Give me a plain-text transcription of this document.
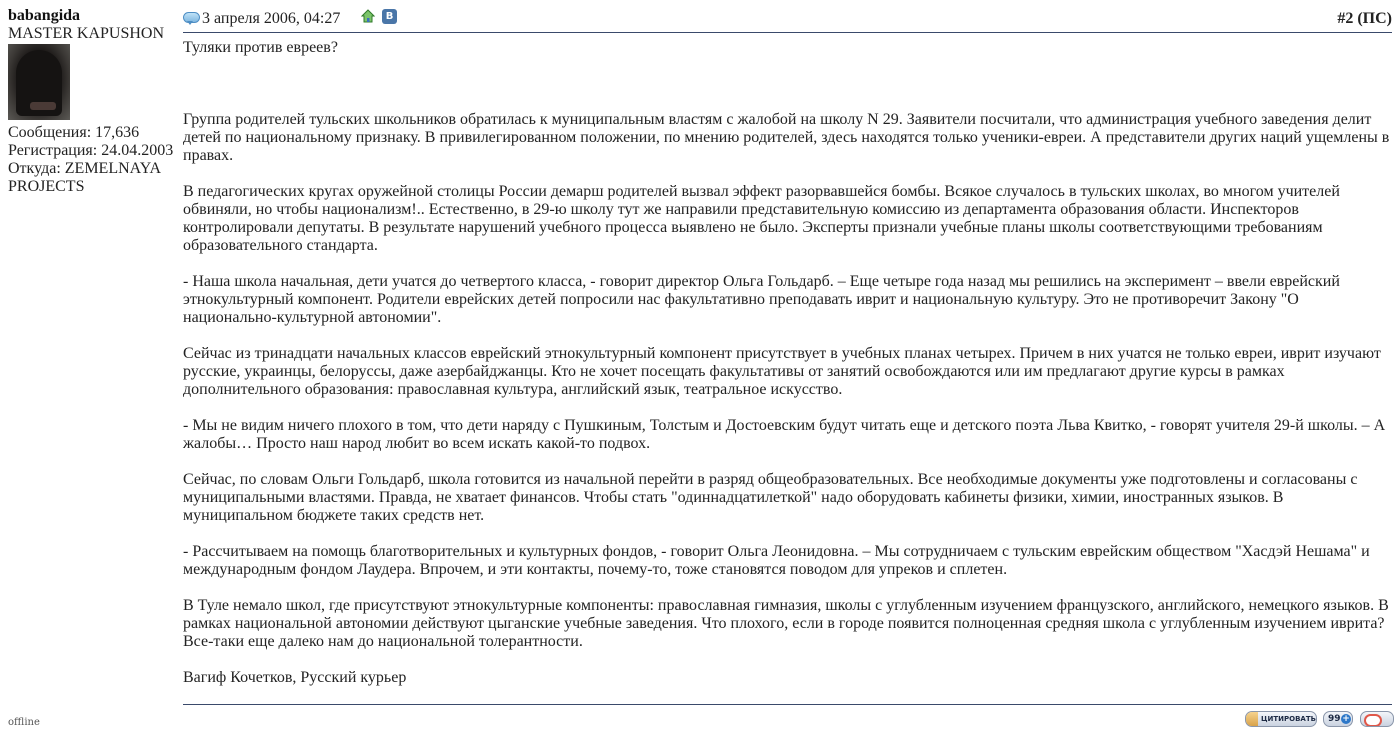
babangida
MASTER KAPUSHON
Сообщения: 17,636
Регистрация: 24.04.2003
Откуда: ZEMELNAYA
PROJECTS
offline
3 апреля 2006, 04:27	B	#2 (ПС)
Туляки против евреев?

Группа родителей тульских школьников обратилась к муниципальным властям с жалобой на школу N 29. Заявители посчитали, что администрация учебного заведения делит детей по национальному признаку. В привилегированном положении, по мнению родителей, здесь находятся только ученики-евреи. А представители других наций ущемлены в правах.

В педагогических кругах оружейной столицы России демарш родителей вызвал эффект разорвавшейся бомбы. Всякое случалось в тульских школах, во многом учителей обвиняли, но чтобы национализм!.. Естественно, в 29-ю школу тут же направили представительную комиссию из департамента образования области. Инспекторов контролировали депутаты. В результате нарушений учебного процесса выявлено не было. Эксперты признали учебные планы школы соответствующими требованиям образовательного стандарта.

- Наша школа начальная, дети учатся до четвертого класса, - говорит директор Ольга Гольдарб. – Еще четыре года назад мы решились на эксперимент – ввели еврейский этнокультурный компонент. Родители еврейских детей попросили нас факультативно преподавать иврит и национальную культуру. Это не противоречит Закону "О национально-культурной автономии".

Сейчас из тринадцати начальных классов еврейский этнокультурный компонент присутствует в учебных планах четырех. Причем в них учатся не только евреи, иврит изучают русские, украинцы, белоруссы, даже азербайджанцы. Кто не хочет посещать факультативы от занятий освобождаются или им предлагают другие курсы в рамках дополнительного образования: православная культура, английский язык, театральное искусство.

- Мы не видим ничего плохого в том, что дети наряду с Пушкиным, Толстым и Достоевским будут читать еще и детского поэта Льва Квитко, - говорят учителя 29-й школы. – А жалобы… Просто наш народ любит во всем искать какой-то подвох.

Сейчас, по словам Ольги Гольдарб, школа готовится из начальной перейти в разряд общеобразовательных. Все необходимые документы уже подготовлены и согласованы с муниципальными властями. Правда, не хватает финансов. Чтобы стать "одиннадцатилеткой" надо оборудовать кабинеты физики, химии, иностранных языков. В муниципальном бюджете таких средств нет.

- Рассчитываем на помощь благотворительных и культурных фондов, - говорит Ольга Леонидовна. – Мы сотрудничаем с тульским еврейским обществом "Хасдэй Нешама" и международным фондом Лаудера. Впрочем, и эти контакты, почему-то, тоже становятся поводом для упреков и сплетен.

В Туле немало школ, где присутствуют этнокультурные компоненты: православная гимназия, школы с углубленным изучением французского, английского, немецкого языков. В рамках национальной автономии действуют цыганские учебные заведения. Что плохого, если в городе появится полноценная средняя школа с углубленным изучением иврита? Все-таки еще далеко нам до национальной толерантности.

Вагиф Кочетков, Русский курьер

ЦИТИРОВАТЬ	99 +
